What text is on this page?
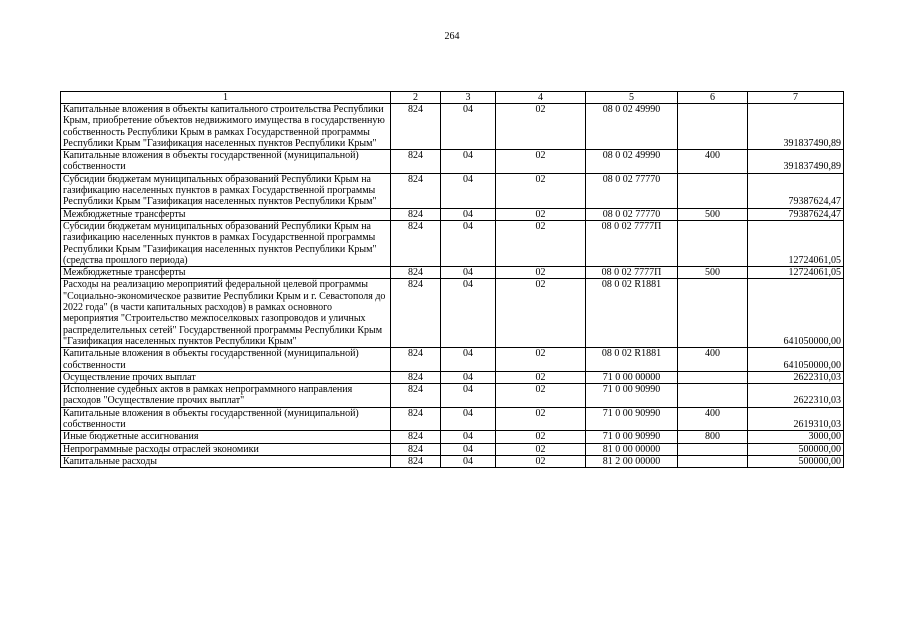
264
1	2	3	4	5	6	7
Капитальные вложения в объекты капитального строительства Республики Крым, приобретение объектов недвижимого имущества в государственную собственность Республики Крым в рамках Государственной программы Республики Крым "Газификация населенных пунктов Республики Крым"	824	04	02	08 0 02 49990		391837490,89
Капитальные вложения в объекты государственной (муниципальной) собственности	824	04	02	08 0 02 49990	400	391837490,89
Субсидии бюджетам муниципальных образований Республики Крым на газификацию населенных пунктов в рамках Государственной программы Республики Крым "Газификация населенных пунктов Республики Крым"	824	04	02	08 0 02 77770		79387624,47
Межбюджетные трансферты	824	04	02	08 0 02 77770	500	79387624,47
Субсидии бюджетам муниципальных образований Республики Крым на газификацию населенных пунктов в рамках Государственной программы Республики Крым "Газификация населенных пунктов Республики Крым" (средства прошлого периода)	824	04	02	08 0 02 7777П		12724061,05
Межбюджетные трансферты	824	04	02	08 0 02 7777П	500	12724061,05
Расходы на реализацию мероприятий федеральной целевой программы "Социально-экономическое развитие Республики Крым и г. Севастополя до 2022 года" (в части капитальных расходов) в рамках основного мероприятия "Строительство межпоселковых газопроводов и уличных распределительных сетей" Государственной программы Республики Крым "Газификация населенных пунктов Республики Крым"	824	04	02	08 0 02 R1881		641050000,00
Капитальные вложения в объекты государственной (муниципальной) собственности	824	04	02	08 0 02 R1881	400	641050000,00
Осуществление прочих выплат	824	04	02	71 0 00 00000		2622310,03
Исполнение судебных актов в рамках непрограммного направления расходов "Осуществление прочих выплат"	824	04	02	71 0 00 90990		2622310,03
Капитальные вложения в объекты государственной (муниципальной) собственности	824	04	02	71 0 00 90990	400	2619310,03
Иные бюджетные ассигнования	824	04	02	71 0 00 90990	800	3000,00
Непрограммные расходы отраслей экономики	824	04	02	81 0 00 00000		500000,00
Капитальные расходы	824	04	02	81 2 00 00000		500000,00
